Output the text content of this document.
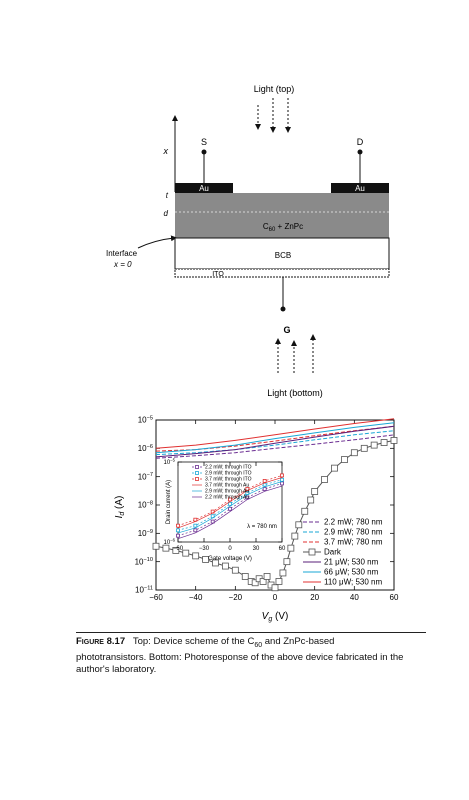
Light (top)
x
S	D
Au	Au
t
d
$C_{60}$ + ZnPc
Interface
x = 0
BCB
ITO
G
Light (bottom)
$10^{-5}$
$10^{-6}$
$10^{-7}$
$10^{-8}$
$10^{-9}$
$10^{-10}$
$10^{-11}$
−60	−40	−20	0	20	40	60
$V_g$ (V)
$I_d$ (A)
2.2 mW; 780 nm
2.9 mW; 780 nm
3.7 mW; 780 nm
Dark
21 μW; 530 nm
66 μW; 530 nm
110 μW; 530 nm
$10^{-5}$
$10^{-6}$
−60	−30	0	30	60
Gate voltage (V)
Drain current (A)
λ = 780 nm
2.2 mW; through ITO
2.9 mW; through ITO
3.7 mW; through ITO
3.7 mW; through Au
2.9 mW; through Au
2.2 mW; through Au
Figure 8.17 Top: Device scheme of the $C_{60}$ and ZnPc-based phototransistors. Bottom: Photoresponse of the above device fabricated in the author's laboratory.
